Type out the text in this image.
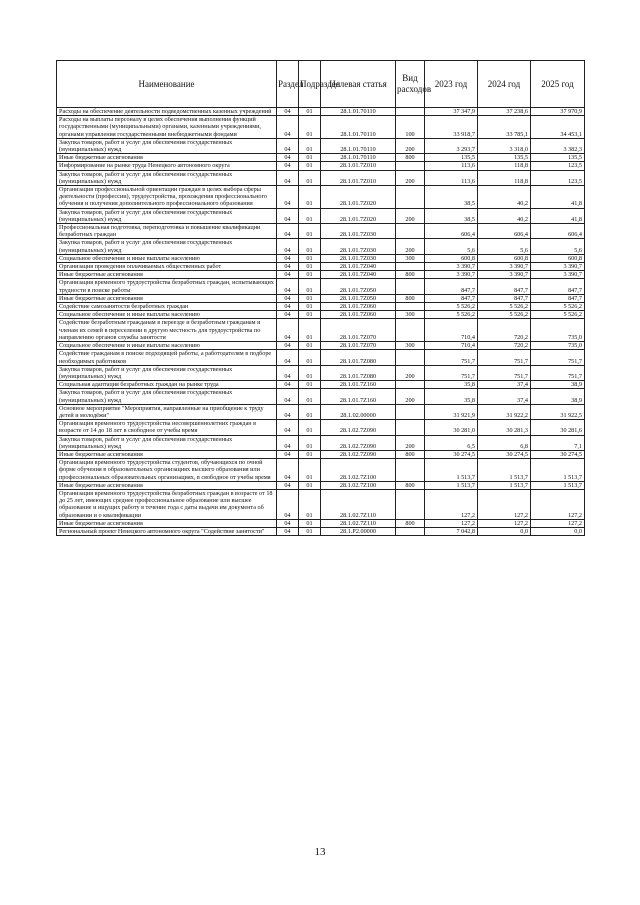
Наименование	Раздел	Подраздел	Целевая статья	Вид расходов	2023 год	2024 год	2025 год
Расходы на обеспечение деятельности подведомственных казенных учреждений	04	01	28.1.01.70110		37 347,9	37 238,6	37 970,9
Расходы на выплаты персоналу в целях обеспечения выполнения функций государственными (муниципальными) органами, казенными учреждениями, органами управления государственными внебюджетными фондами	04	01	28.1.01.70110	100	33 918,7	33 785,1	34 453,1
Закупка товаров, работ и услуг для обеспечения государственных (муниципальных) нужд	04	01	28.1.01.70110	200	3 293,7	3 318,0	3 382,3
Иные бюджетные ассигнования	04	01	28.1.01.70110	800	135,5	135,5	135,5
Информирование на рынке труда Ненецкого автономного округа	04	01	28.1.01.7Z010		113,6	118,8	123,5
Закупка товаров, работ и услуг для обеспечения государственных (муниципальных) нужд	04	01	28.1.01.7Z010	200	113,6	118,8	123,5
Организация профессиональной ориентации граждан в целях выбора сферы деятельности (профессии), трудоустройства, прохождения профессионального обучения и получения дополнительного профессионального образования	04	01	28.1.01.7Z020		38,5	40,2	41,8
Закупка товаров, работ и услуг для обеспечения государственных (муниципальных) нужд	04	01	28.1.01.7Z020	200	38,5	40,2	41,8
Профессиональная подготовка, переподготовка и повышение квалификации безработных граждан	04	01	28.1.01.7Z030		606,4	606,4	606,4
Закупка товаров, работ и услуг для обеспечения государственных (муниципальных) нужд	04	01	28.1.01.7Z030	200	5,6	5,6	5,6
Социальное обеспечение и иные выплаты населению	04	01	28.1.01.7Z030	300	600,8	600,8	600,8
Организация проведения оплачиваемых общественных работ	04	01	28.1.01.7Z040		3 390,7	3 390,7	3 390,7
Иные бюджетные ассигнования	04	01	28.1.01.7Z040	800	3 390,7	3 390,7	3 390,7
Организация временного трудоустройства безработных граждан, испытывающих трудности в поиске работы	04	01	28.1.01.7Z050		847,7	847,7	847,7
Иные бюджетные ассигнования	04	01	28.1.01.7Z050	800	847,7	847,7	847,7
Содействие самозанятости безработных граждан	04	01	28.1.01.7Z060		5 526,2	5 526,2	5 526,2
Социальное обеспечение и иные выплаты населению	04	01	28.1.01.7Z060	300	5 526,2	5 526,2	5 526,2
Содействие безработным гражданам в переезде и безработным гражданам и членам их семей в переселении в другую местность для трудоустройства по направлению органов службы занятости	04	01	28.1.01.7Z070		710,4	720,2	735,0
Социальное обеспечение и иные выплаты населению	04	01	28.1.01.7Z070	300	710,4	720,2	735,0
Содействие гражданам в поиске подходящей работы, а работодателям в подборе необходимых работников	04	01	28.1.01.7Z080		751,7	751,7	751,7
Закупка товаров, работ и услуг для обеспечения государственных (муниципальных) нужд	04	01	28.1.01.7Z080	200	751,7	751,7	751,7
Социальная адаптация безработных граждан на рынке труда	04	01	28.1.01.7Z160		35,8	37,4	38,9
Закупка товаров, работ и услуг для обеспечения государственных (муниципальных) нужд	04	01	28.1.01.7Z160	200	35,8	37,4	38,9
Основное мероприятие "Мероприятия, направленные на приобщение к труду детей и молодёжи"	04	01	28.1.02.00000		31 921,9	31 922,2	31 922,5
Организация временного трудоустройства несовершеннолетних граждан в возрасте от 14 до 18 лет в свободное от учебы время	04	01	28.1.02.7Z090		30 281,0	30 281,3	30 281,6
Закупка товаров, работ и услуг для обеспечения государственных (муниципальных) нужд	04	01	28.1.02.7Z090	200	6,5	6,8	7,1
Иные бюджетные ассигнования	04	01	28.1.02.7Z090	800	30 274,5	30 274,5	30 274,5
Организация временного трудоустройства студентов, обучающихся по очной форме обучения в образовательных организациях высшего образования или профессиональных образовательных организациях, в свободное от учебы время	04	01	28.1.02.7Z100		1 513,7	1 513,7	1 513,7
Иные бюджетные ассигнования	04	01	28.1.02.7Z100	800	1 513,7	1 513,7	1 513,7
Организация временного трудоустройства безработных граждан в возрасте от 18 до 25 лет, имеющих среднее профессиональное образование или высшее образование и ищущих работу в течение года с даты выдачи им документа об образовании и о квалификации	04	01	28.1.02.7Z110		127,2	127,2	127,2
Иные бюджетные ассигнования	04	01	28.1.02.7Z110	800	127,2	127,2	127,2
Региональный проект Ненецкого автономного округа "Содействие занятости"	04	01	28.1.P2.00000		7 042,8	0,0	0,0
13
